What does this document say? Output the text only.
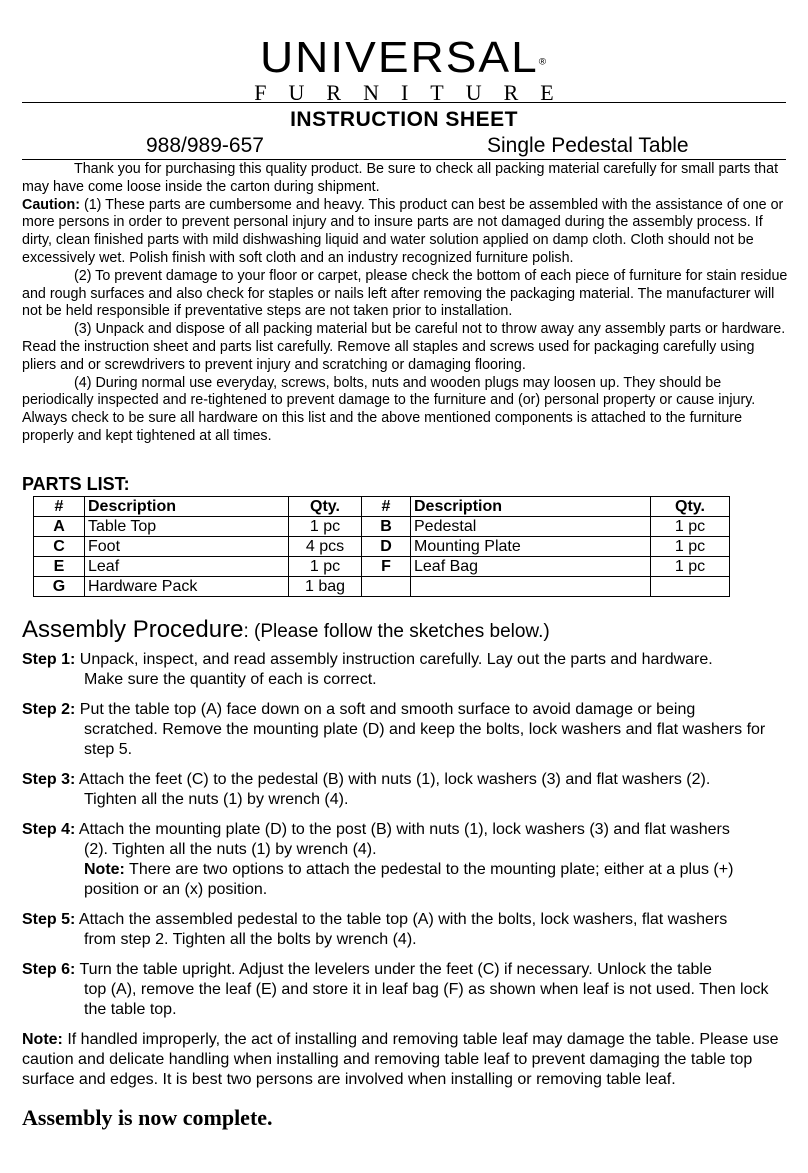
UNIVERSAL®
FURNITURE
INSTRUCTION SHEET
988/989-657	Single Pedestal Table

Thank you for purchasing this quality product. Be sure to check all packing material carefully for small parts that may have come loose inside the carton during shipment.

Caution: (1) These parts are cumbersome and heavy. This product can best be assembled with the assistance of one or more persons in order to prevent personal injury and to insure parts are not damaged during the assembly process. If dirty, clean finished parts with mild dishwashing liquid and water solution applied on damp cloth. Cloth should not be excessively wet. Polish finish with soft cloth and an industry recognized furniture polish.

(2) To prevent damage to your floor or carpet, please check the bottom of each piece of furniture for stain residue and rough surfaces and also check for staples or nails left after removing the packaging material. The manufacturer will not be held responsible if preventative steps are not taken prior to installation.

(3) Unpack and dispose of all packing material but be careful not to throw away any assembly parts or hardware. Read the instruction sheet and parts list carefully. Remove all staples and screws used for packaging carefully using pliers and or screwdrivers to prevent injury and scratching or damaging flooring.

(4) During normal use everyday, screws, bolts, nuts and wooden plugs may loosen up. They should be periodically inspected and re-tightened to prevent damage to the furniture and (or) personal property or cause injury. Always check to be sure all hardware on this list and the above mentioned components is attached to the furniture properly and kept tightened at all times.

PARTS LIST:
#	Description	Qty.	#	Description	Qty.
A	Table Top	1 pc	B	Pedestal	1 pc
C	Foot	4 pcs	D	Mounting Plate	1 pc
E	Leaf	1 pc	F	Leaf Bag	1 pc
G	Hardware Pack	1 bag			
Assembly Procedure: (Please follow the sketches below.)
Step 1: Unpack, inspect, and read assembly instruction carefully. Lay out the parts and hardware.
Make sure the quantity of each is correct.
Step 2: Put the table top (A) face down on a soft and smooth surface to avoid damage or being
scratched. Remove the mounting plate (D) and keep the bolts, lock washers and flat washers for step 5.
Step 3: Attach the feet (C) to the pedestal (B) with nuts (1), lock washers (3) and flat washers (2).
Tighten all the nuts (1) by wrench (4).
Step 4: Attach the mounting plate (D) to the post (B) with nuts (1), lock washers (3) and flat washers
(2). Tighten all the nuts (1) by wrench (4).
Note: There are two options to attach the pedestal to the mounting plate; either at a plus (+) position or an (x) position.
Step 5: Attach the assembled pedestal to the table top (A) with the bolts, lock washers, flat washers
from step 2. Tighten all the bolts by wrench (4).
Step 6: Turn the table upright. Adjust the levelers under the feet (C) if necessary. Unlock the table
top (A), remove the leaf (E) and store it in leaf bag (F) as shown when leaf is not used. Then lock the table top.

Note: If handled improperly, the act of installing and removing table leaf may damage the table. Please use caution and delicate handling when installing and removing table leaf to prevent damaging the table top surface and edges. It is best two persons are involved when installing or removing table leaf.

Assembly is now complete.
